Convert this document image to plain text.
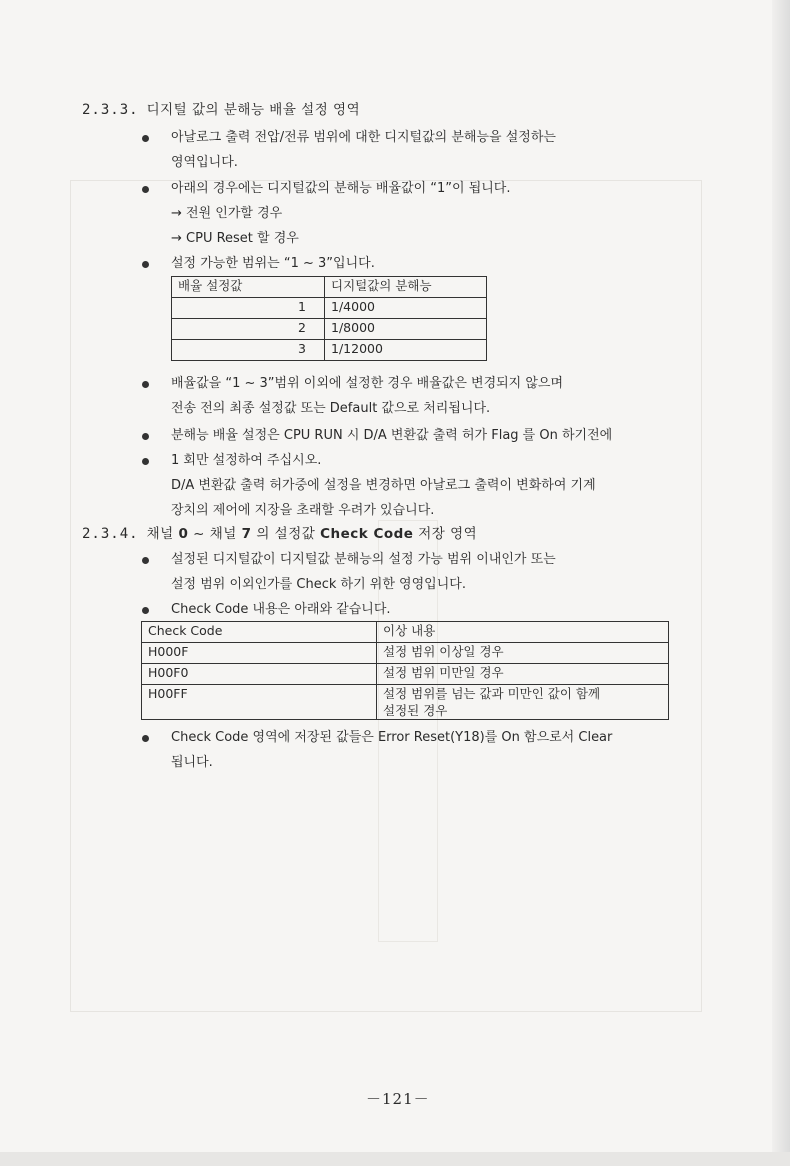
2.3.3. 디지털 값의 분해능 배율 설정 영역
아날로그 출력 전압/전류 범위에 대한 디지털값의 분해능을 설정하는
영역입니다.
아래의 경우에는 디지털값의 분해능 배율값이 “1”이 됩니다.
→ 전원 인가할 경우
→ CPU Reset 할 경우
설정 가능한 범위는 “1 ~ 3”입니다.
배율 설정값	디지털값의 분해능
1	1/4000
2	1/8000
3	1/12000
배율값을 “1 ~ 3”범위 이외에 설정한 경우 배율값은 변경되지 않으며
전송 전의 최종 설정값 또는 Default 값으로 처리됩니다.
분해능 배율 설정은 CPU RUN 시 D/A 변환값 출력 허가 Flag 를 On 하기전에
1 회만 설정하여 주십시오.
D/A 변환값 출력 허가중에 설정을 변경하면 아날로그 출력이 변화하여 기계
장치의 제어에 지장을 초래할 우려가 있습니다.
2.3.4. 채널 0 ~ 채널 7 의 설정값 Check Code 저장 영역
설정된 디지털값이 디지털값 분해능의 설정 가능 범위 이내인가 또는
설정 범위 이외인가를 Check 하기 위한 영영입니다.
Check Code 내용은 아래와 같습니다.
Check Code	이상 내용
H000F	설정 범위 이상일 경우
H00F0	설정 범위 미만일 경우
H00FF	설정 범위를 넘는 값과 미만인 값이 함께
설정된 경우
Check Code 영역에 저장된 값들은 Error Reset(Y18)를 On 함으로서 Clear
됩니다.
－121－
